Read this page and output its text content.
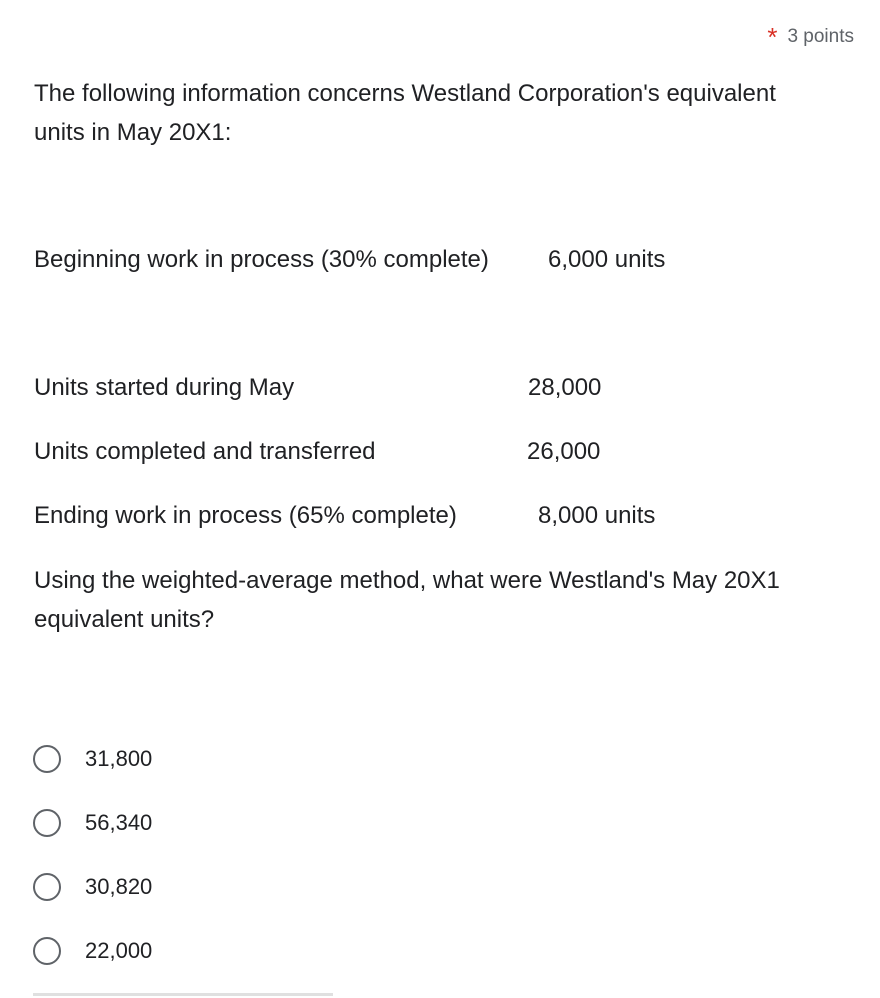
* 3 points
The following information concerns Westland Corporation's equivalent units in May 20X1:
Beginning work in process (30% complete) 6,000 units
Units started during May	28,000
Units completed and transferred	26,000
Ending work in process (65% complete)	8,000 units
Using the weighted-average method, what were Westland's May 20X1 equivalent units?
31,800
56,340
30,820
22,000
